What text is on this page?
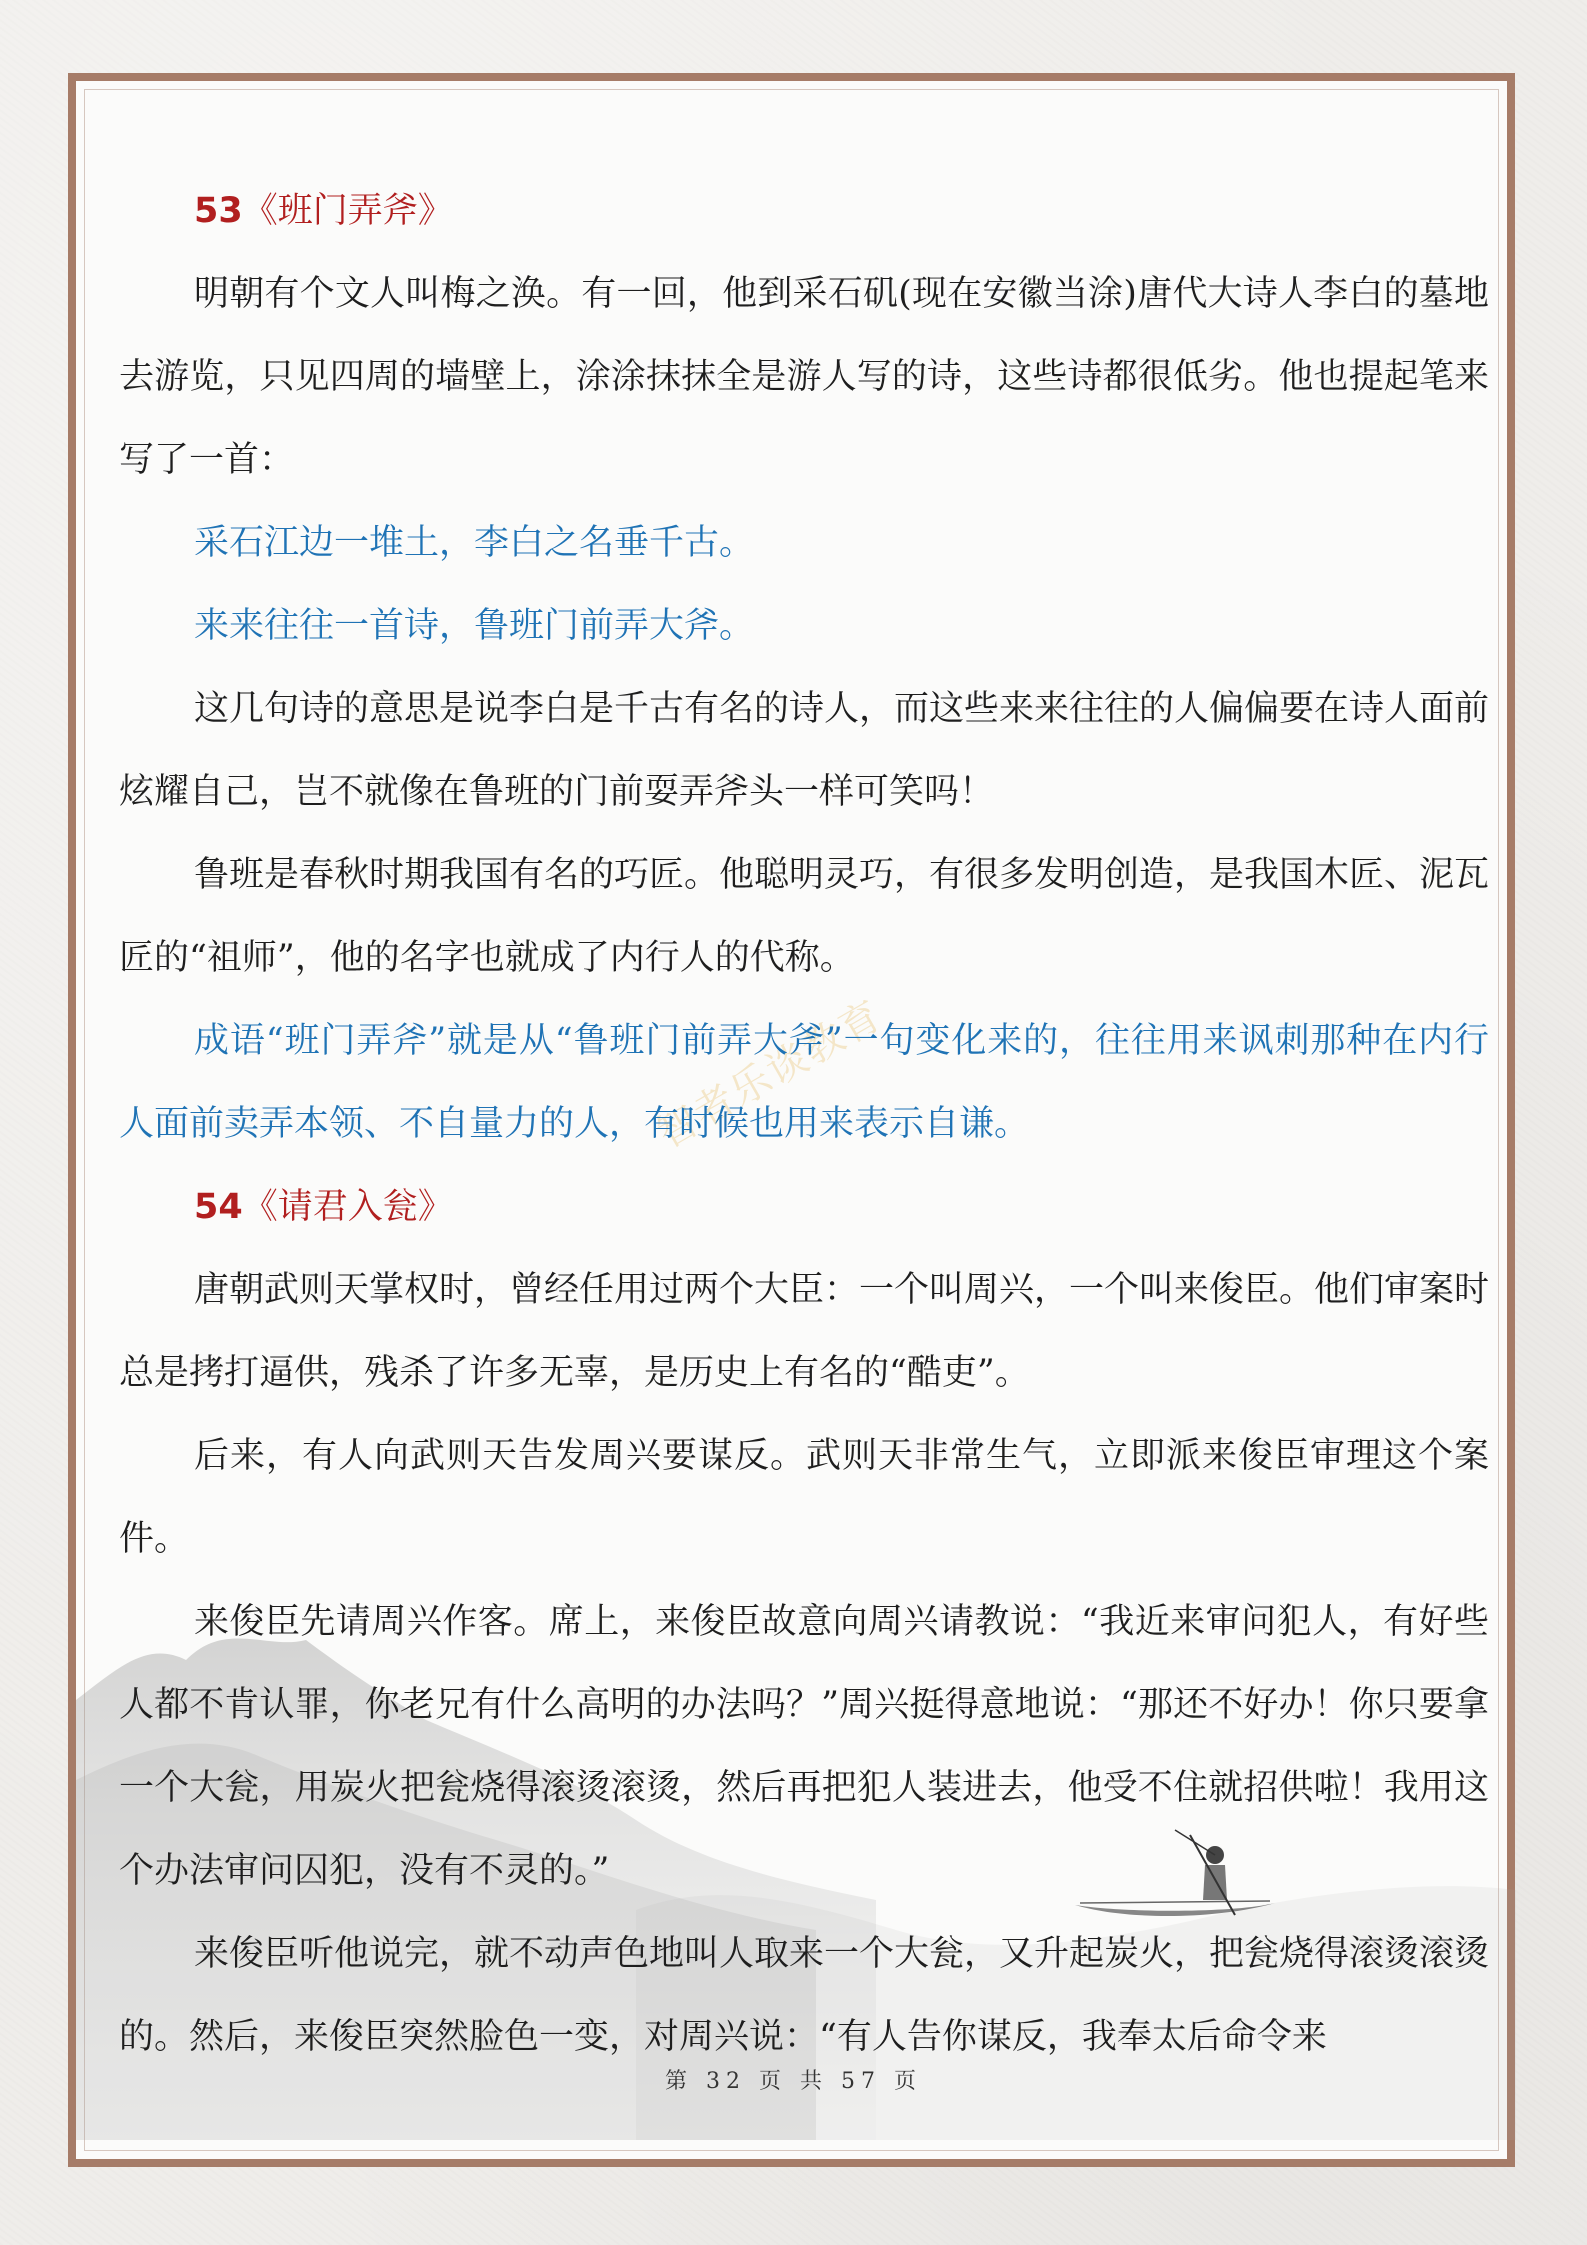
智者乐谈教育

53《班门弄斧》

明朝有个文人叫梅之涣。有一回，他到采石矶(现在安徽当涂)唐代大诗人李白的墓地去游览，只见四周的墙壁上，涂涂抹抹全是游人写的诗，这些诗都很低劣。他也提起笔来写了一首：

采石江边一堆土，李白之名垂千古。

来来往往一首诗，鲁班门前弄大斧。

这几句诗的意思是说李白是千古有名的诗人，而这些来来往往的人偏偏要在诗人面前炫耀自己，岂不就像在鲁班的门前耍弄斧头一样可笑吗！

鲁班是春秋时期我国有名的巧匠。他聪明灵巧，有很多发明创造，是我国木匠、泥瓦匠的“祖师”，他的名字也就成了内行人的代称。

成语“班门弄斧”就是从“鲁班门前弄大斧”一句变化来的，往往用来讽刺那种在内行人面前卖弄本领、不自量力的人，有时候也用来表示自谦。

54《请君入瓮》

唐朝武则天掌权时，曾经任用过两个大臣：一个叫周兴，一个叫来俊臣。他们审案时总是拷打逼供，残杀了许多无辜，是历史上有名的“酷吏”。

后来，有人向武则天告发周兴要谋反。武则天非常生气，立即派来俊臣审理这个案件。

来俊臣先请周兴作客。席上，来俊臣故意向周兴请教说：“我近来审问犯人，有好些人都不肯认罪，你老兄有什么高明的办法吗？”周兴挺得意地说：“那还不好办！你只要拿一个大瓮，用炭火把瓮烧得滚烫滚烫，然后再把犯人装进去，他受不住就招供啦！我用这个办法审问囚犯，没有不灵的。”

来俊臣听他说完，就不动声色地叫人取来一个大瓮，又升起炭火，把瓮烧得滚烫滚烫的。然后，来俊臣突然脸色一变，对周兴说：“有人告你谋反，我奉太后命令来

第 32 页 共 57 页
